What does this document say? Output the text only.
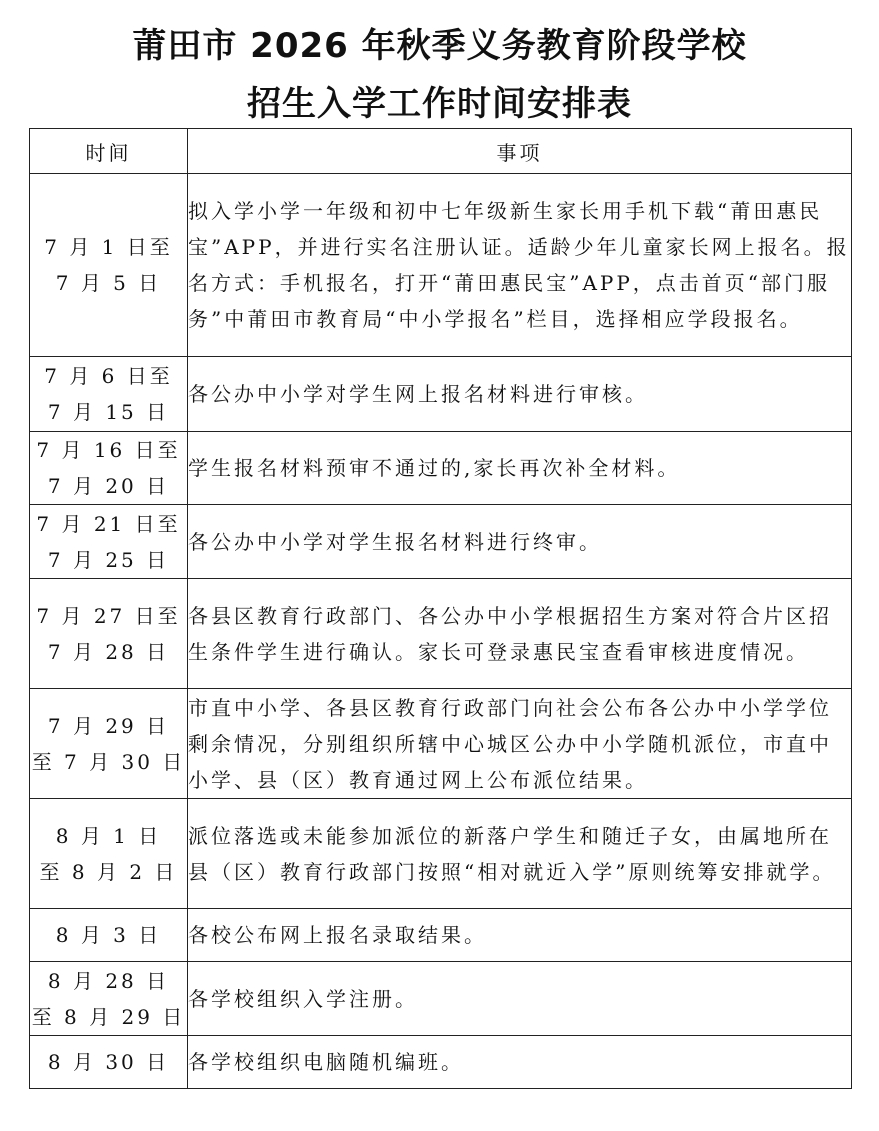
莆田市 2026 年秋季义务教育阶段学校
招生入学工作时间安排表
时间	事项

7 月 1 日至
7 月 5 日	拟入学小学一年级和初中七年级新生家长用手机下载“莆田惠民宝”APP，并进行实名注册认证。适龄少年儿童家长网上报名。报名方式：手机报名，打开“莆田惠民宝”APP，点击首页“部门服务”中莆田市教育局“中小学报名”栏目，选择相应学段报名。

7 月 6 日至
7 月 15 日	各公办中小学对学生网上报名材料进行审核。

7 月 16 日至
7 月 20 日	学生报名材料预审不通过的,家长再次补全材料。

7 月 21 日至
7 月 25 日	各公办中小学对学生报名材料进行终审。

7 月 27 日至
7 月 28 日	各县区教育行政部门、各公办中小学根据招生方案对符合片区招生条件学生进行确认。家长可登录惠民宝查看审核进度情况。

7 月 29 日
至 7 月 30 日	市直中小学、各县区教育行政部门向社会公布各公办中小学学位剩余情况，分别组织所辖中心城区公办中小学随机派位，市直中小学、县（区）教育通过网上公布派位结果。

8 月 1 日
至 8 月 2 日	派位落选或未能参加派位的新落户学生和随迁子女，由属地所在县（区）教育行政部门按照“相对就近入学”原则统筹安排就学。

8 月 3 日	各校公布网上报名录取结果。

8 月 28 日
至 8 月 29 日	各学校组织入学注册。

8 月 30 日	各学校组织电脑随机编班。
